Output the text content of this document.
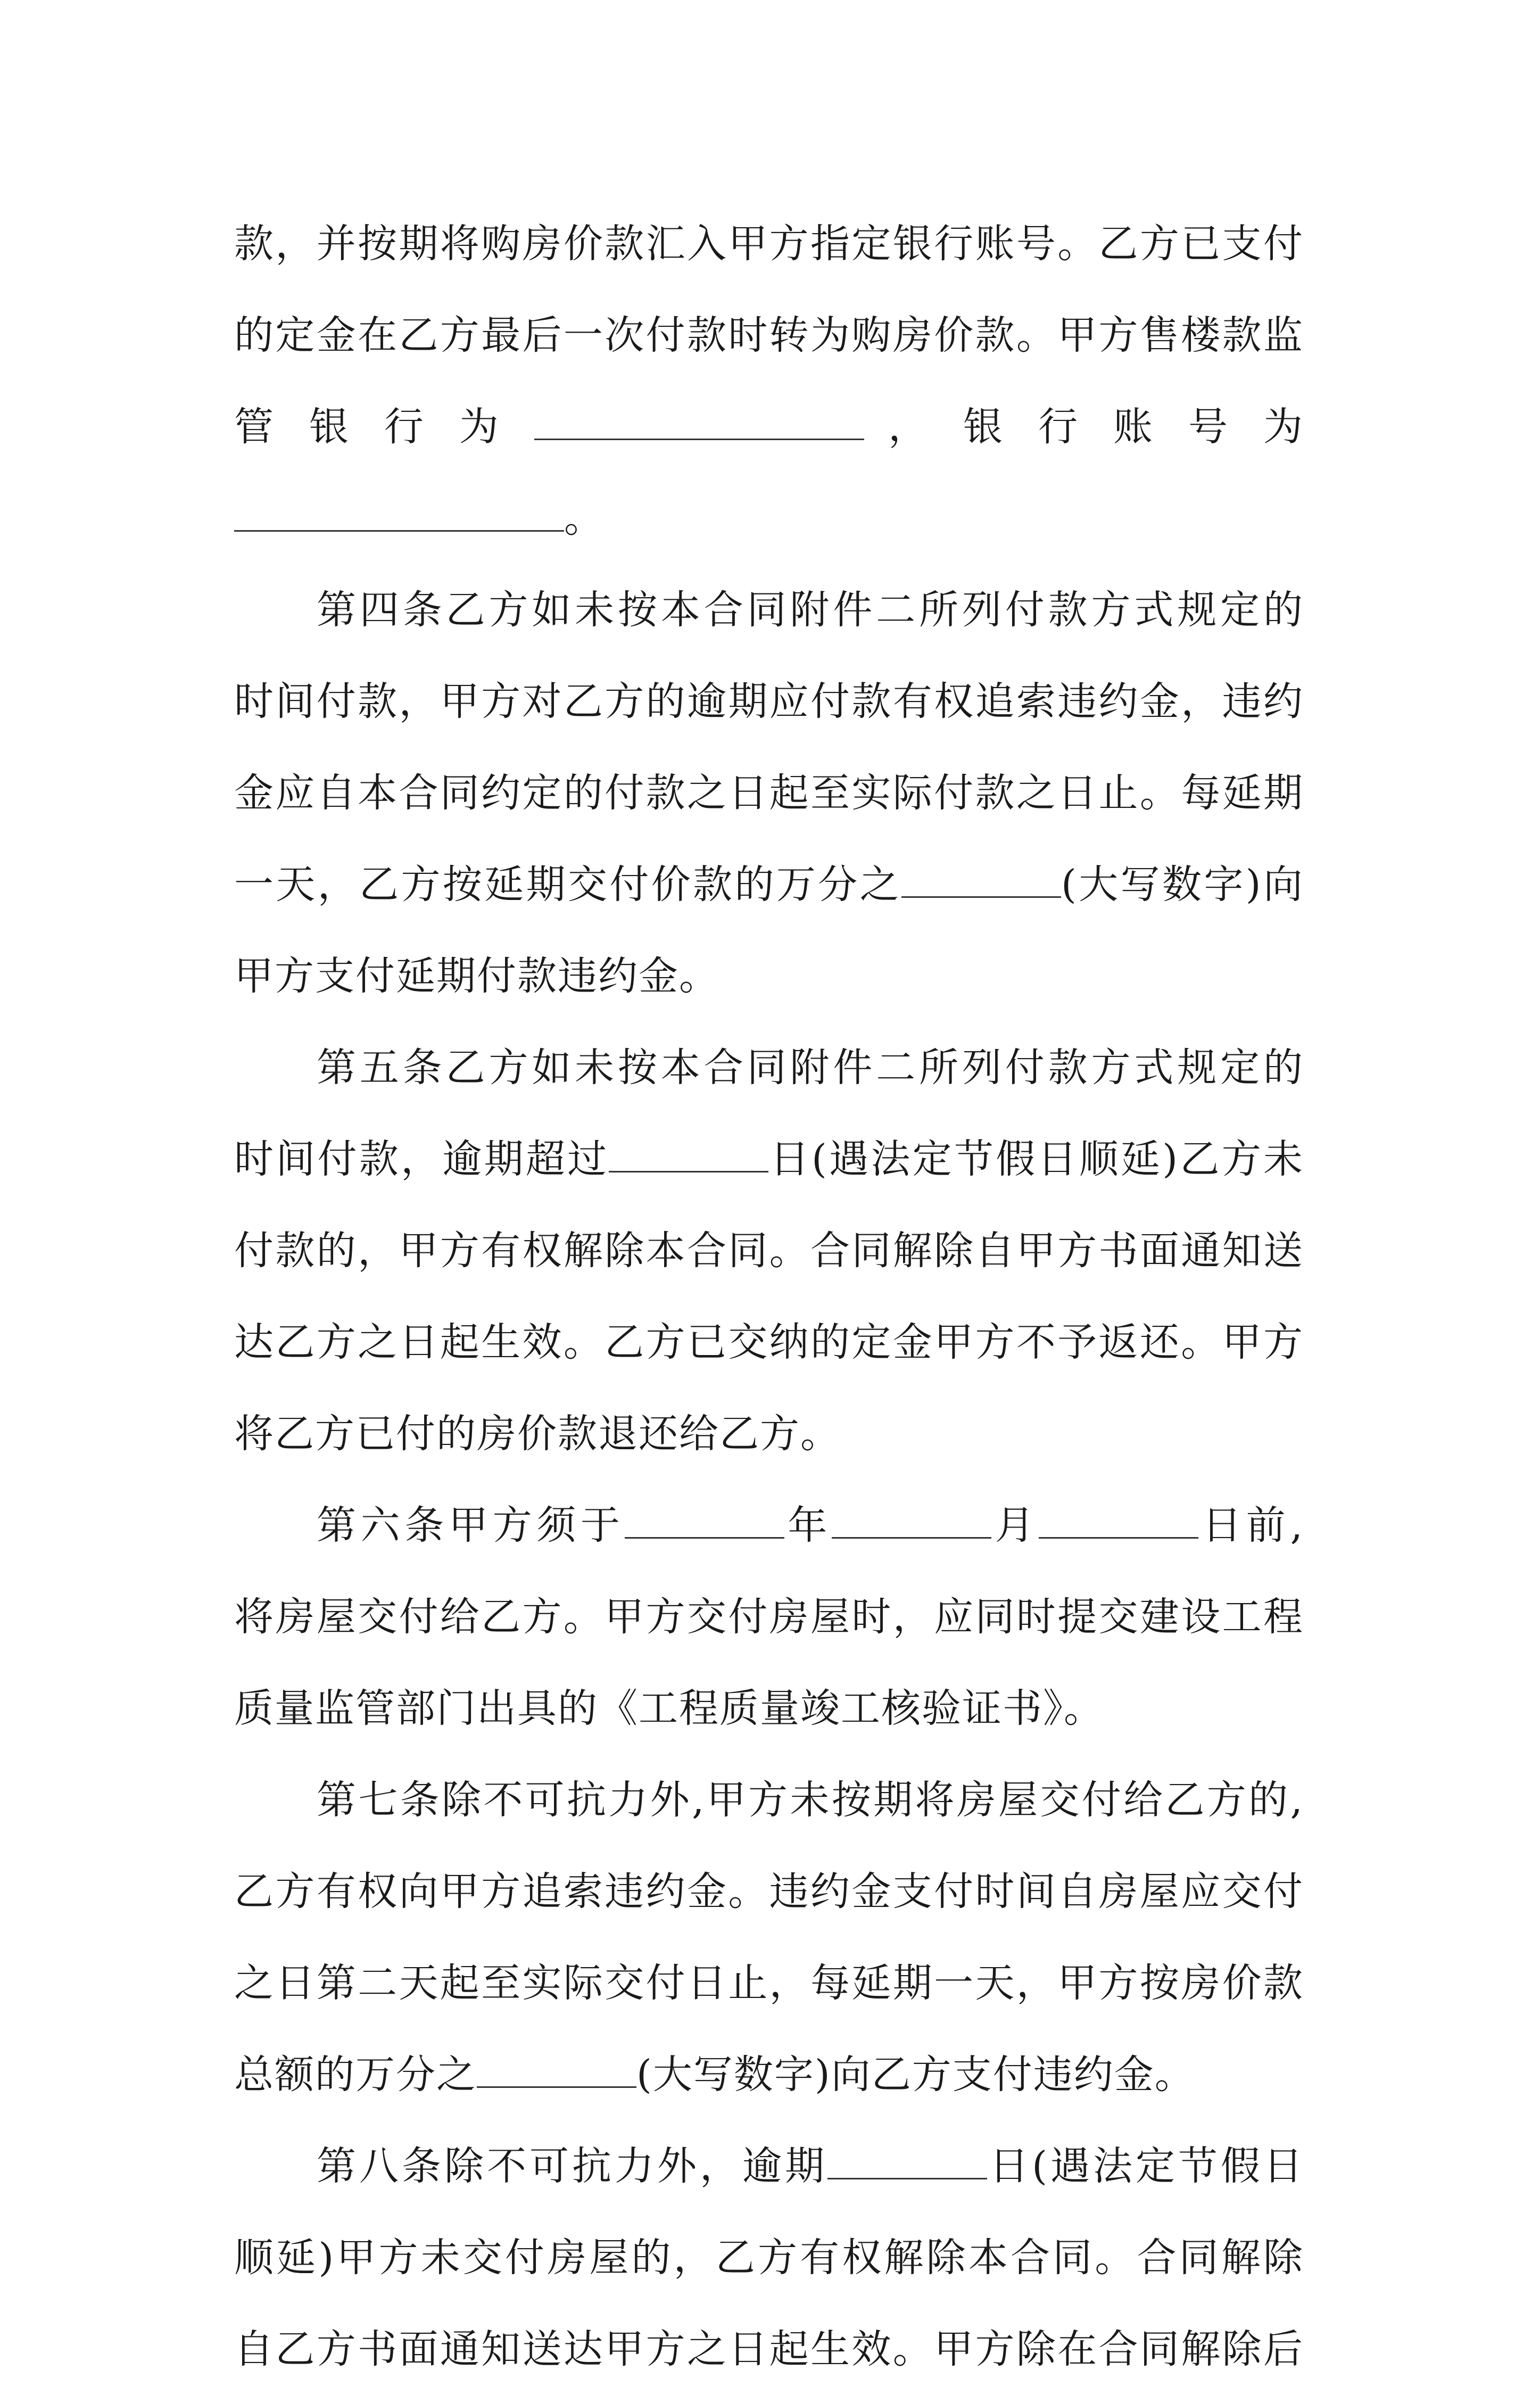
款，并按期将购房价款汇入甲方指定银行账号。乙方已支付
的定金在乙方最后一次付款时转为购房价款。甲方售楼款监
管 银 行 为	， 银 行 账 号 为
。
第四条乙方如未按本合同附件二所列付款方式规定的
时间付款，甲方对乙方的逾期应付款有权追索违约金，违约
金应自本合同约定的付款之日起至实际付款之日止。每延期
一天，乙方按延期交付价款的万分之	(大写数字)向
甲方支付延期付款违约金。
第五条乙方如未按本合同附件二所列付款方式规定的
时间付款，逾期超过	日(遇法定节假日顺延)乙方未
付款的，甲方有权解除本合同。合同解除自甲方书面通知送
达乙方之日起生效。乙方已交纳的定金甲方不予返还。甲方
将乙方已付的房价款退还给乙方。
第六条甲方须于	年	月	日前,
将房屋交付给乙方。甲方交付房屋时，应同时提交建设工程
质量监管部门出具的《工程质量竣工核验证书》。
第七条除不可抗力外,甲方未按期将房屋交付给乙方的,
乙方有权向甲方追索违约金。违约金支付时间自房屋应交付
之日第二天起至实际交付日止，每延期一天，甲方按房价款
总额的万分之	(大写数字)向乙方支付违约金。
第八条除不可抗力外，逾期	日(遇法定节假日
顺延)甲方未交付房屋的，乙方有权解除本合同。合同解除
自乙方书面通知送达甲方之日起生效。甲方除在合同解除后
